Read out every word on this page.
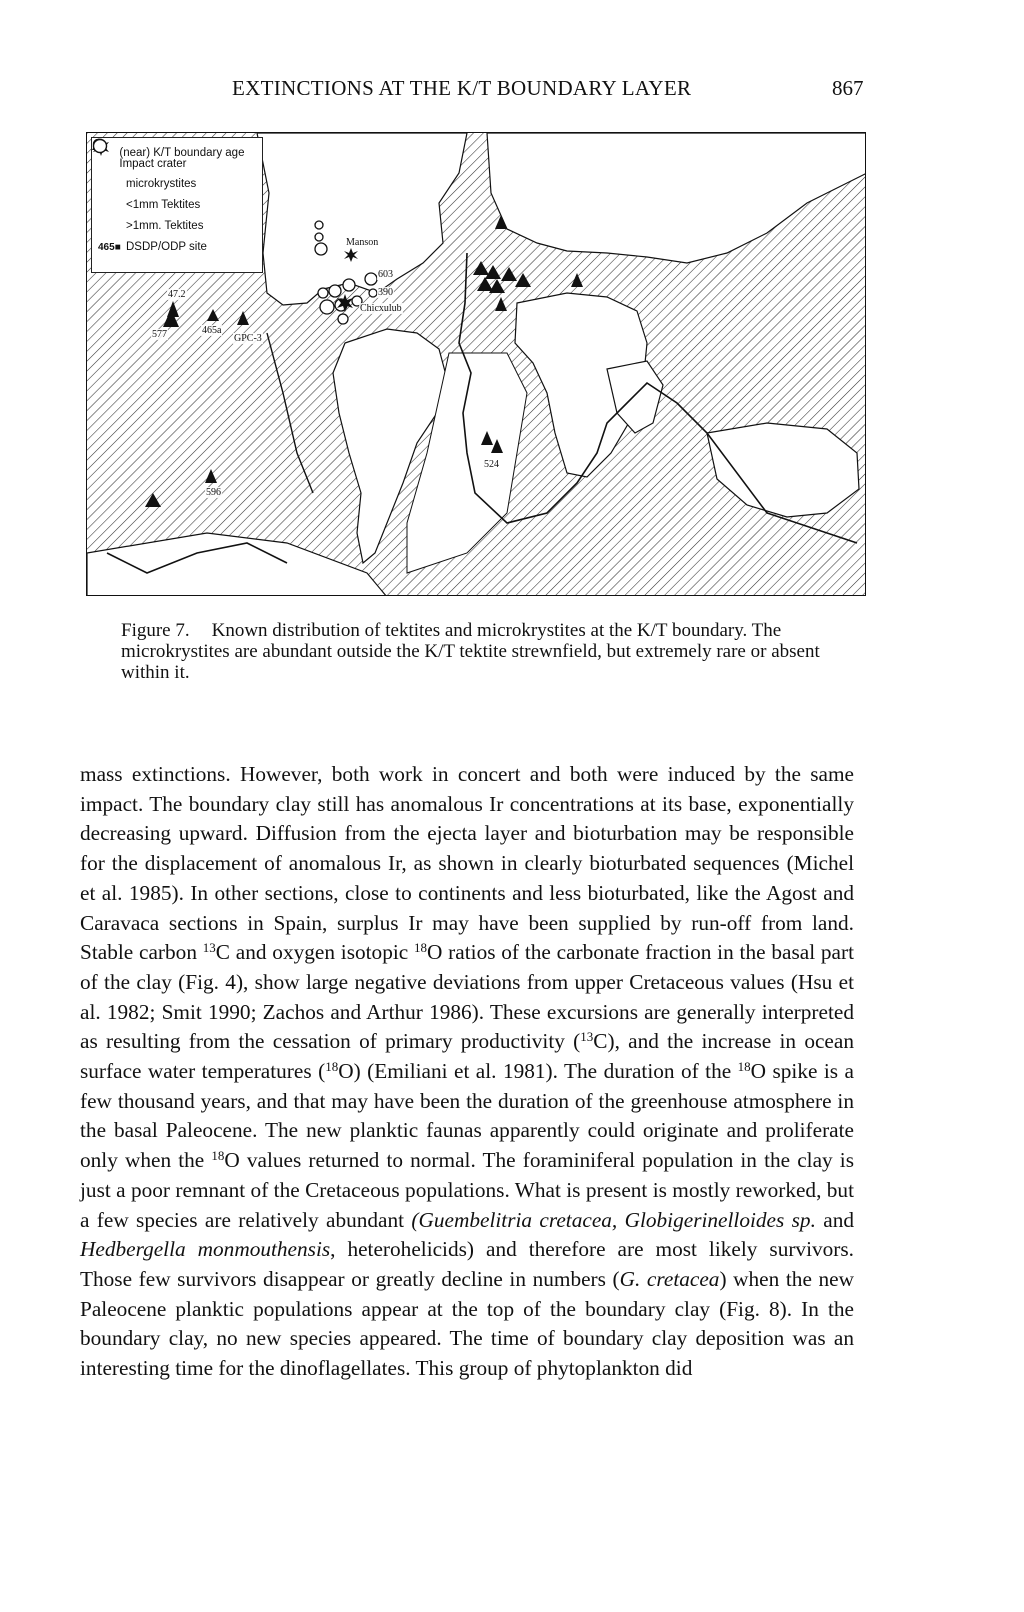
EXTINCTIONS AT THE K/T BOUNDARY LAYER	867
(near) K/T boundary age Impact crater
microkrystites
<1mm Tektites
>1mm. Tektites
465■ DSDP/ODP site
47.2
577	465a
GPC-3
Manson
603
390
Chicxulub
524
596
Figure 7. Known distribution of tektites and microkrystites at the K/T boundary. The microkrystites are abundant outside the K/T tektite strewnfield, but extremely rare or absent within it.

mass extinctions. However, both work in concert and both were induced by the same impact. The boundary clay still has anomalous Ir concentrations at its base, exponentially decreasing upward. Diffusion from the ejecta layer and bioturbation may be responsible for the displacement of anomalous Ir, as shown in clearly bioturbated sequences (Michel et al. 1985). In other sections, close to continents and less bioturbated, like the Agost and Caravaca sections in Spain, surplus Ir may have been supplied by run-off from land. Stable carbon $^{13}$C and oxygen isotopic $^{18}$O ratios of the carbonate fraction in the basal part of the clay (Fig. 4), show large negative deviations from upper Cretaceous values (Hsu et al. 1982; Smit 1990; Zachos and Arthur 1986). These excursions are generally interpreted as resulting from the cessation of primary productivity ($^{13}$C), and the increase in ocean surface water temperatures ($^{18}$O) (Emiliani et al. 1981). The duration of the $^{18}$O spike is a few thousand years, and that may have been the duration of the greenhouse atmosphere in the basal Paleocene. The new planktic faunas apparently could originate and proliferate only when the $^{18}$O values returned to normal. The foraminiferal population in the clay is just a poor remnant of the Cretaceous populations. What is present is mostly reworked, but a few species are relatively abundant (Guembelitria cretacea, Globigerinelloides sp. and Hedbergella monmouthensis, heterohelicids) and therefore are most likely survivors. Those few survivors disappear or greatly decline in numbers (G. cretacea) when the new Paleocene planktic populations appear at the top of the boundary clay (Fig. 8). In the boundary clay, no new species appeared. The time of boundary clay deposition was an interesting time for the dinoflagellates. This group of phytoplankton did
